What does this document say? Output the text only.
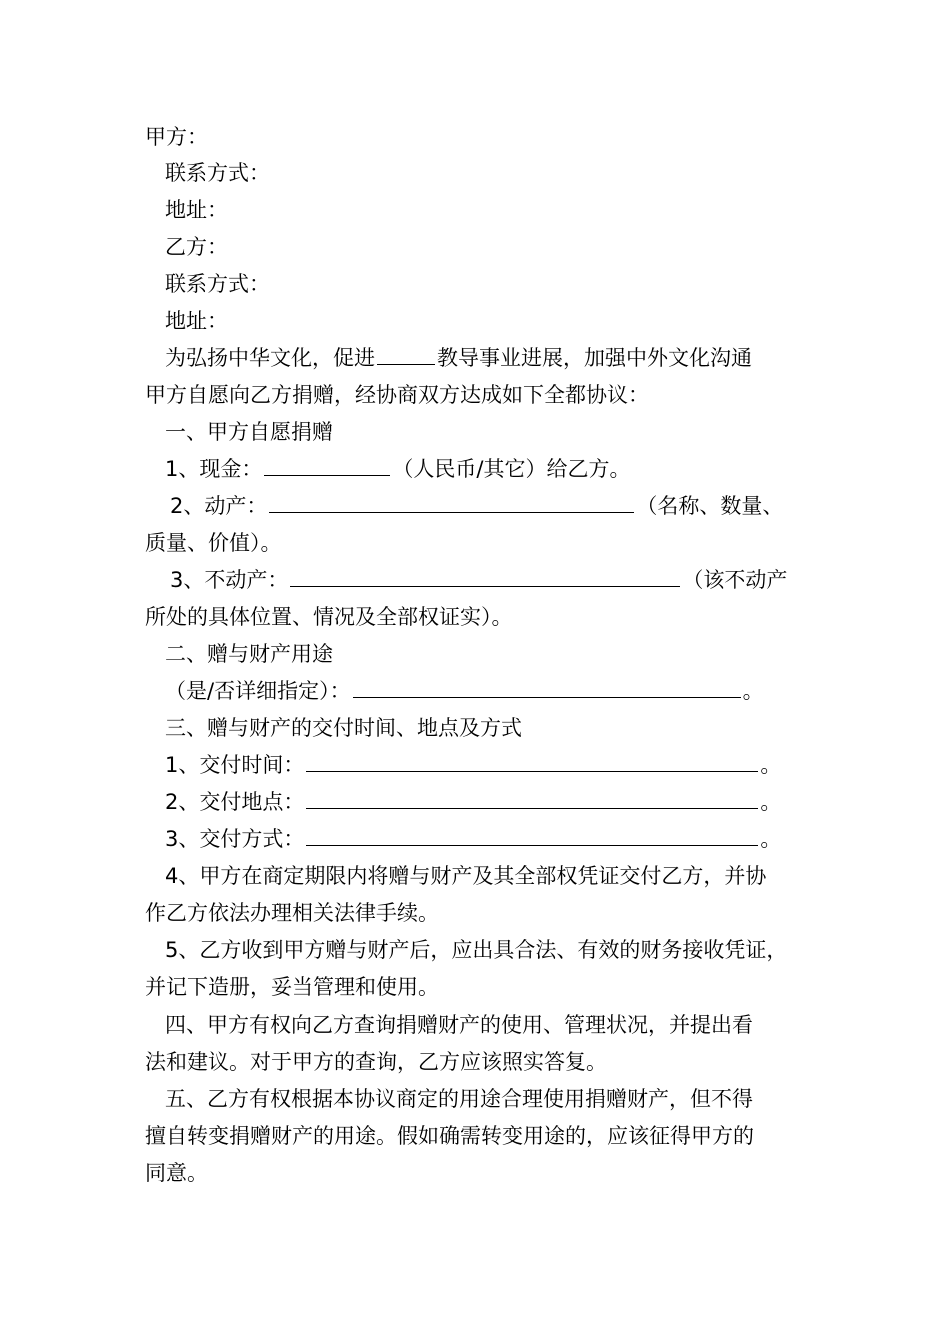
甲方：
联系方式：
地址：
乙方：
联系方式：
地址：
为弘扬中华文化，促进	教导事业进展，加强中外文化沟通
甲方自愿向乙方捐赠，经协商双方达成如下全都协议：
一、甲方自愿捐赠
1、现金：	（人民币/其它）给乙方。
2、动产：	（名称、数量、
质量、价值）。
3、不动产：	（该不动产
所处的具体位置、情况及全部权证实）。
二、赠与财产用途
（是/否详细指定）：	。
三、赠与财产的交付时间、地点及方式
1、交付时间：	。
2、交付地点：	。
3、交付方式：	。
4、甲方在商定期限内将赠与财产及其全部权凭证交付乙方，并协
作乙方依法办理相关法律手续。
5、乙方收到甲方赠与财产后，应出具合法、有效的财务接收凭证，
并记下造册，妥当管理和使用。
四、甲方有权向乙方查询捐赠财产的使用、管理状况，并提出看
法和建议。对于甲方的查询，乙方应该照实答复。
五、乙方有权根据本协议商定的用途合理使用捐赠财产，但不得
擅自转变捐赠财产的用途。假如确需转变用途的，应该征得甲方的
同意。
